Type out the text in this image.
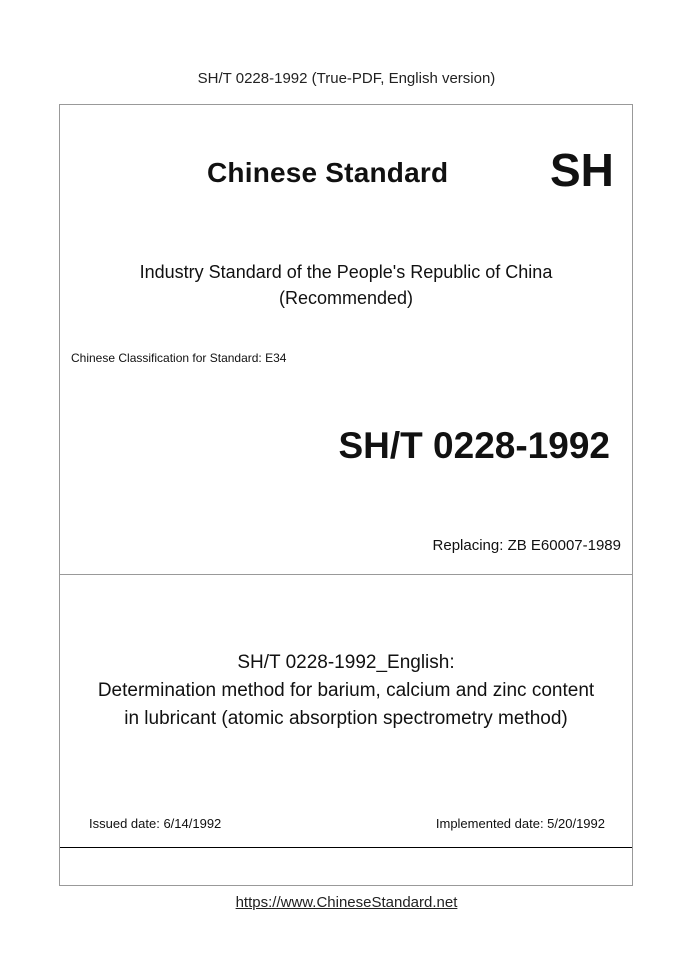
SH/T 0228-1992 (True-PDF, English version)
Chinese Standard SH
Industry Standard of the People's Republic of China
(Recommended)
Chinese Classification for Standard: E34
SH/T 0228-1992
Replacing: ZB E60007-1989
SH/T 0228-1992_English:
Determination method for barium, calcium and zinc content
in lubricant (atomic absorption spectrometry method)
Issued date: 6/14/1992	Implemented date: 5/20/1992
https://www.ChineseStandard.net
